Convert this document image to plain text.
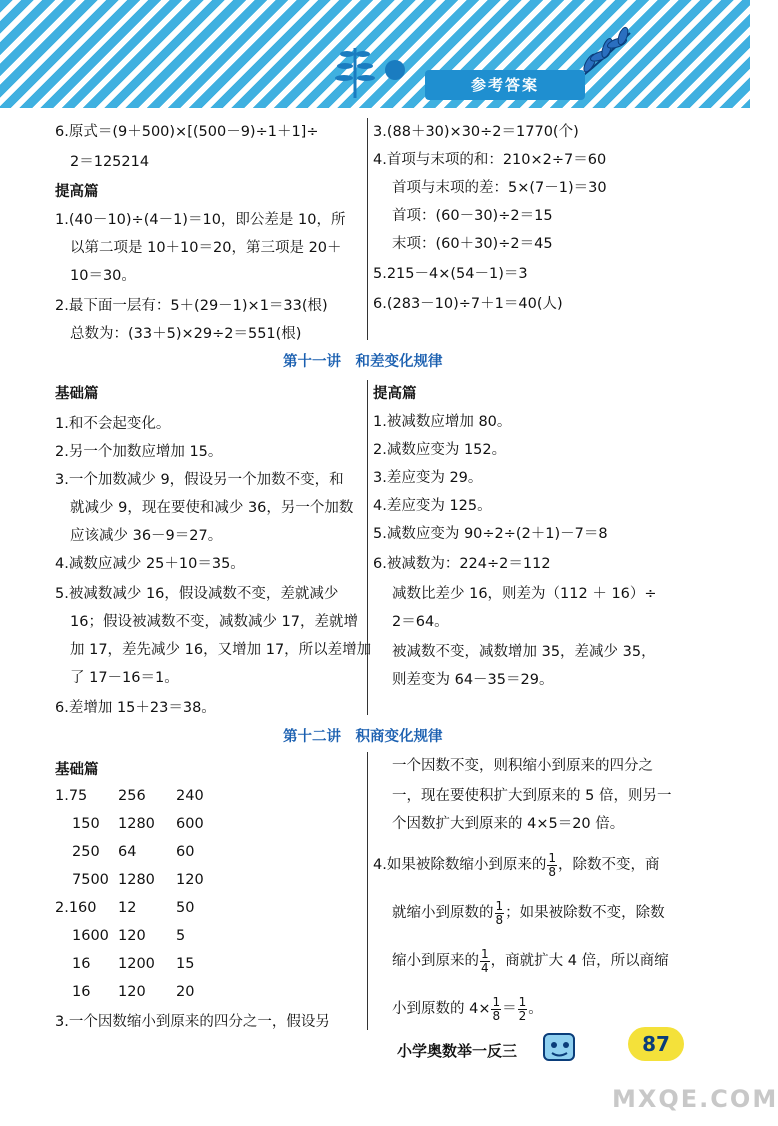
参考答案
6.原式＝(9＋500)×[(500－9)÷1＋1]÷
2＝125214
提高篇
1.(40－10)÷(4－1)＝10，即公差是 10，所
以第二项是 10＋10＝20，第三项是 20＋
10＝30。
2.最下面一层有：5＋(29－1)×1＝33(根)
总数为：(33＋5)×29÷2＝551(根)
3.(88＋30)×30÷2＝1770(个)
4.首项与末项的和：210×2÷7＝60
首项与末项的差：5×(7－1)＝30
首项：(60－30)÷2＝15
末项：(60＋30)÷2＝45
5.215－4×(54－1)＝3
6.(283－10)÷7＋1＝40(人)
第十一讲　和差变化规律
基础篇
1.和不会起变化。
2.另一个加数应增加 15。
3.一个加数减少 9，假设另一个加数不变，和
就减少 9，现在要使和减少 36，另一个加数
应该减少 36－9＝27。
4.减数应减少 25＋10＝35。
5.被减数减少 16，假设减数不变，差就减少
16；假设被减数不变，减数减少 17，差就增
加 17，差先减少 16，又增加 17，所以差增加
了 17－16＝1。
6.差增加 15＋23＝38。
提高篇
1.被减数应增加 80。
2.减数应变为 152。
3.差应变为 29。
4.差应变为 125。
5.减数应变为 90÷2÷(2＋1)－7＝8
6.被减数为：224÷2＝112
减数比差少 16，则差为（112 ＋ 16）÷
2＝64。
被减数不变，减数增加 35，差减少 35，
则差变为 64－35＝29。
第十二讲　积商变化规律
基础篇
1.75 256 240
150 1280 600
250 64	60
7500 1280 120
2.160 12	50
1600 120 5
16 1200 15
16 120 20
3.一个因数缩小到原来的四分之一，假设另
一个因数不变，则积缩小到原来的四分之
一，现在要使积扩大到原来的 5 倍，则另一
个因数扩大到原来的 4×5＝20 倍。
4.如果被除数缩小到原来的 $\frac{1}{8}$ ，除数不变，商
就缩小到原数的 $\frac{1}{8}$ ；如果被除数不变，除数
缩小到原来的 $\frac{1}{4}$ ，商就扩大 4 倍，所以商缩
小到原数的 $4\times \frac{1}{8} = \frac{1}{2}$ 。
小学奥数举一反三	87
MXQE.COM
